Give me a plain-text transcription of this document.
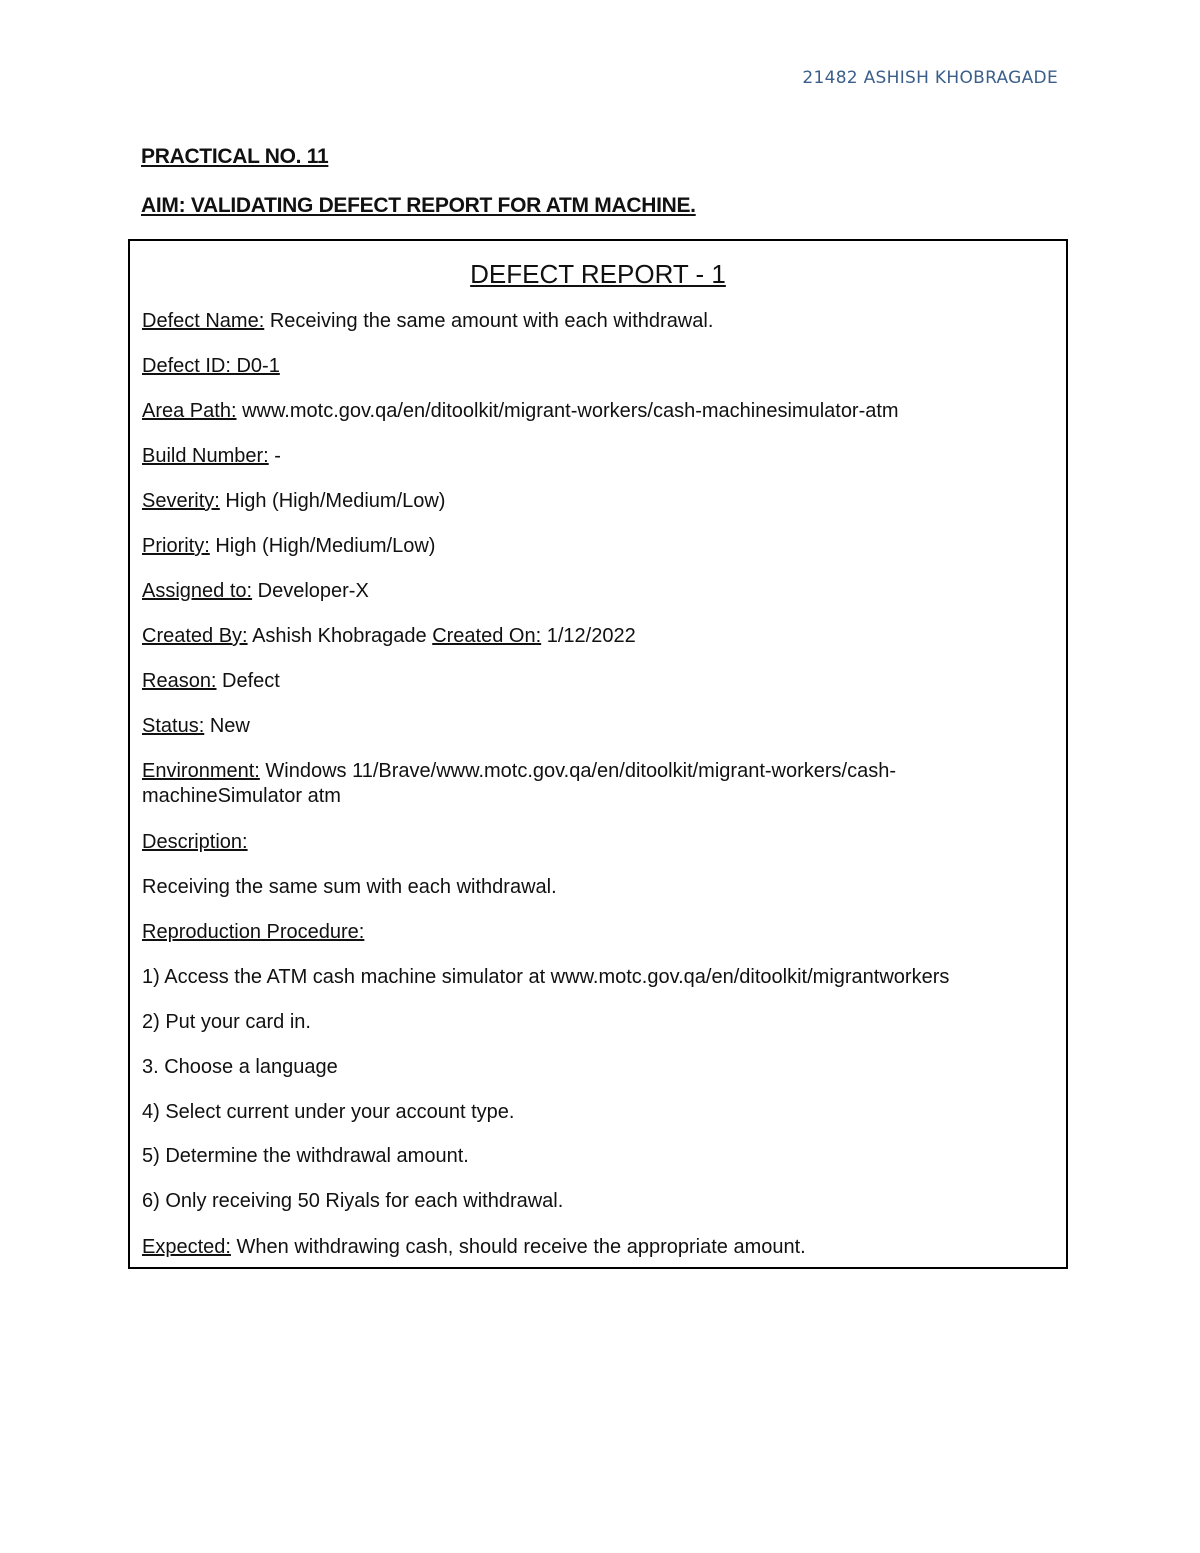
21482 ASHISH KHOBRAGADE
PRACTICAL NO. 11
AIM: VALIDATING DEFECT REPORT FOR ATM MACHINE.
DEFECT REPORT - 1
Defect Name: Receiving the same amount with each withdrawal.
Defect ID: D0-1
Area Path: www.motc.gov.qa/en/ditoolkit/migrant-workers/cash-machinesimulator-atm
Build Number: -
Severity: High (High/Medium/Low)
Priority: High (High/Medium/Low)
Assigned to: Developer-X
Created By: Ashish Khobragade Created On: 1/12/2022
Reason: Defect
Status: New
Environment: Windows 11/Brave/www.motc.gov.qa/en/ditoolkit/migrant-workers/cash-machineSimulator atm
Description:
Receiving the same sum with each withdrawal.
Reproduction Procedure:
1) Access the ATM cash machine simulator at www.motc.gov.qa/en/ditoolkit/migrantworkers
2) Put your card in.
3. Choose a language
4) Select current under your account type.
5) Determine the withdrawal amount.
6) Only receiving 50 Riyals for each withdrawal.
Expected: When withdrawing cash, should receive the appropriate amount.
